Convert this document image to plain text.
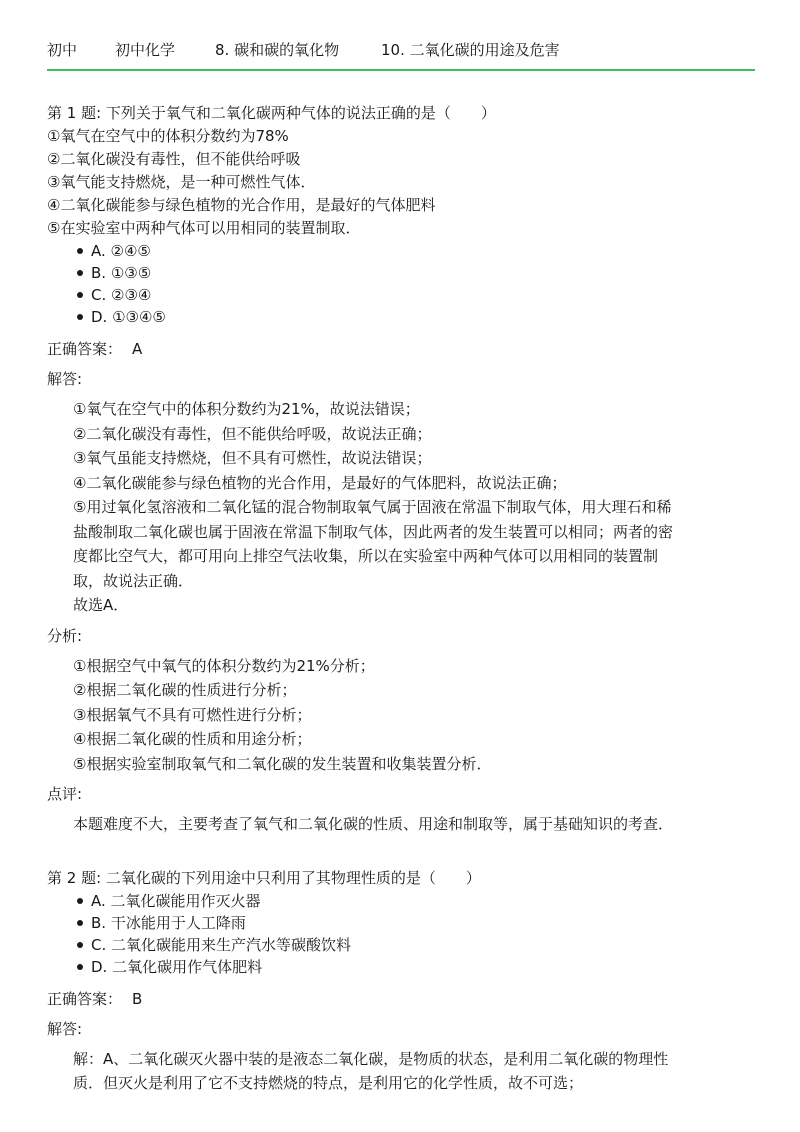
初中	初中化学	8. 碳和碳的氧化物	10. 二氧化碳的用途及危害
第 1 题: 下列关于氧气和二氧化碳两种气体的说法正确的是（　　）
①氧气在空气中的体积分数约为78%
②二氧化碳没有毒性，但不能供给呼吸
③氧气能支持燃烧，是一种可燃性气体．
④二氧化碳能参与绿色植物的光合作用，是最好的气体肥料
⑤在实验室中两种气体可以用相同的装置制取．
A. ②④⑤
B. ①③⑤
C. ②③④
D. ①③④⑤
正确答案： A
解答:

①氧气在空气中的体积分数约为21%，故说法错误；

②二氧化碳没有毒性，但不能供给呼吸，故说法正确；

③氧气虽能支持燃烧，但不具有可燃性，故说法错误；

④二氧化碳能参与绿色植物的光合作用，是最好的气体肥料，故说法正确；

⑤用过氧化氢溶液和二氧化锰的混合物制取氧气属于固液在常温下制取气体，用大理石和稀

盐酸制取二氧化碳也属于固液在常温下制取气体，因此两者的发生装置可以相同；两者的密

度都比空气大，都可用向上排空气法收集，所以在实验室中两种气体可以用相同的装置制

取，故说法正确．

故选A．

分析:

①根据空气中氧气的体积分数约为21%分析；

②根据二氧化碳的性质进行分析；

③根据氧气不具有可燃性进行分析；

④根据二氧化碳的性质和用途分析；

⑤根据实验室制取氧气和二氧化碳的发生装置和收集装置分析．

点评:

本题难度不大，主要考查了氧气和二氧化碳的性质、用途和制取等，属于基础知识的考查．

第 2 题: 二氧化碳的下列用途中只利用了其物理性质的是（　　）
A. 二氧化碳能用作灭火器
B. 干冰能用于人工降雨
C. 二氧化碳能用来生产汽水等碳酸饮料
D. 二氧化碳用作气体肥料
正确答案： B
解答:

解：A、二氧化碳灭火器中装的是液态二氧化碳，是物质的状态，是利用二氧化碳的物理性

质．但灭火是利用了它不支持燃烧的特点，是利用它的化学性质，故不可选；
